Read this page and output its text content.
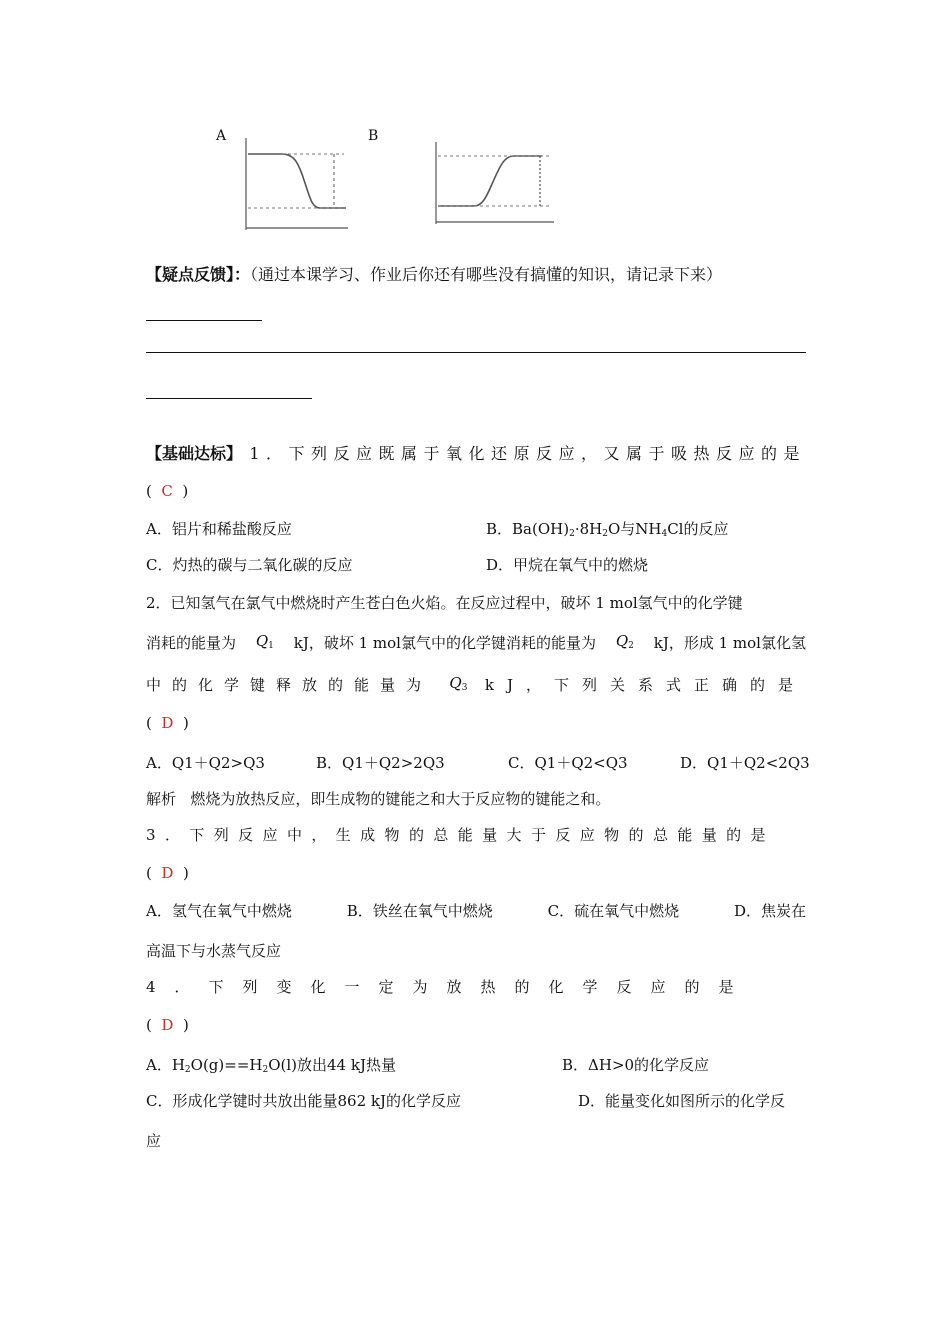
A	B
【疑点反馈】：（通过本课学习、作业后你还有哪些没有搞懂的知识，请记录下来）
【基础达标】 1．下列反应既属于氧化还原反应，又属于吸热反应的是
(  C  )
A．铝片和稀盐酸反应	B．$Ba(OH)_2\cdot 8H_2O$与$NH_4Cl$的反应
C．灼热的碳与二氧化碳的反应	D．甲烷在氧气中的燃烧
2．已知氢气在氯气中燃烧时产生苍白色火焰。在反应过程中，破坏 1 mol氢气中的化学键
消耗的能量为 $Q_1$ kJ，破坏 1 mol氯气中的化学键消耗的能量为 $Q_2$ kJ，形成 1 mol氯化氢
中的化学键释放的能量为 $Q_3$ kJ，下列关系式正确的是
(  D  )
A．Q1＋Q2>Q3	B．Q1＋Q2>2Q3	C．Q1＋Q2<Q3	D．Q1＋Q2<2Q3
解析 燃烧为放热反应，即生成物的键能之和大于反应物的键能之和。
3．下列反应中，生成物的总能量大于反应物的总能量的是
(  D  )
A．氢气在氧气中燃烧	B．铁丝在氧气中燃烧	C．硫在氧气中燃烧	D．焦炭在
高温下与水蒸气反应
4．下列变化一定为放热的化学反应的是
(  D  )
A．$H_2O(g)==H_2O(l)$放出44 kJ热量	B．ΔH>0的化学反应
C．形成化学键时共放出能量862 kJ的化学反应	D．能量变化如图所示的化学反
应
